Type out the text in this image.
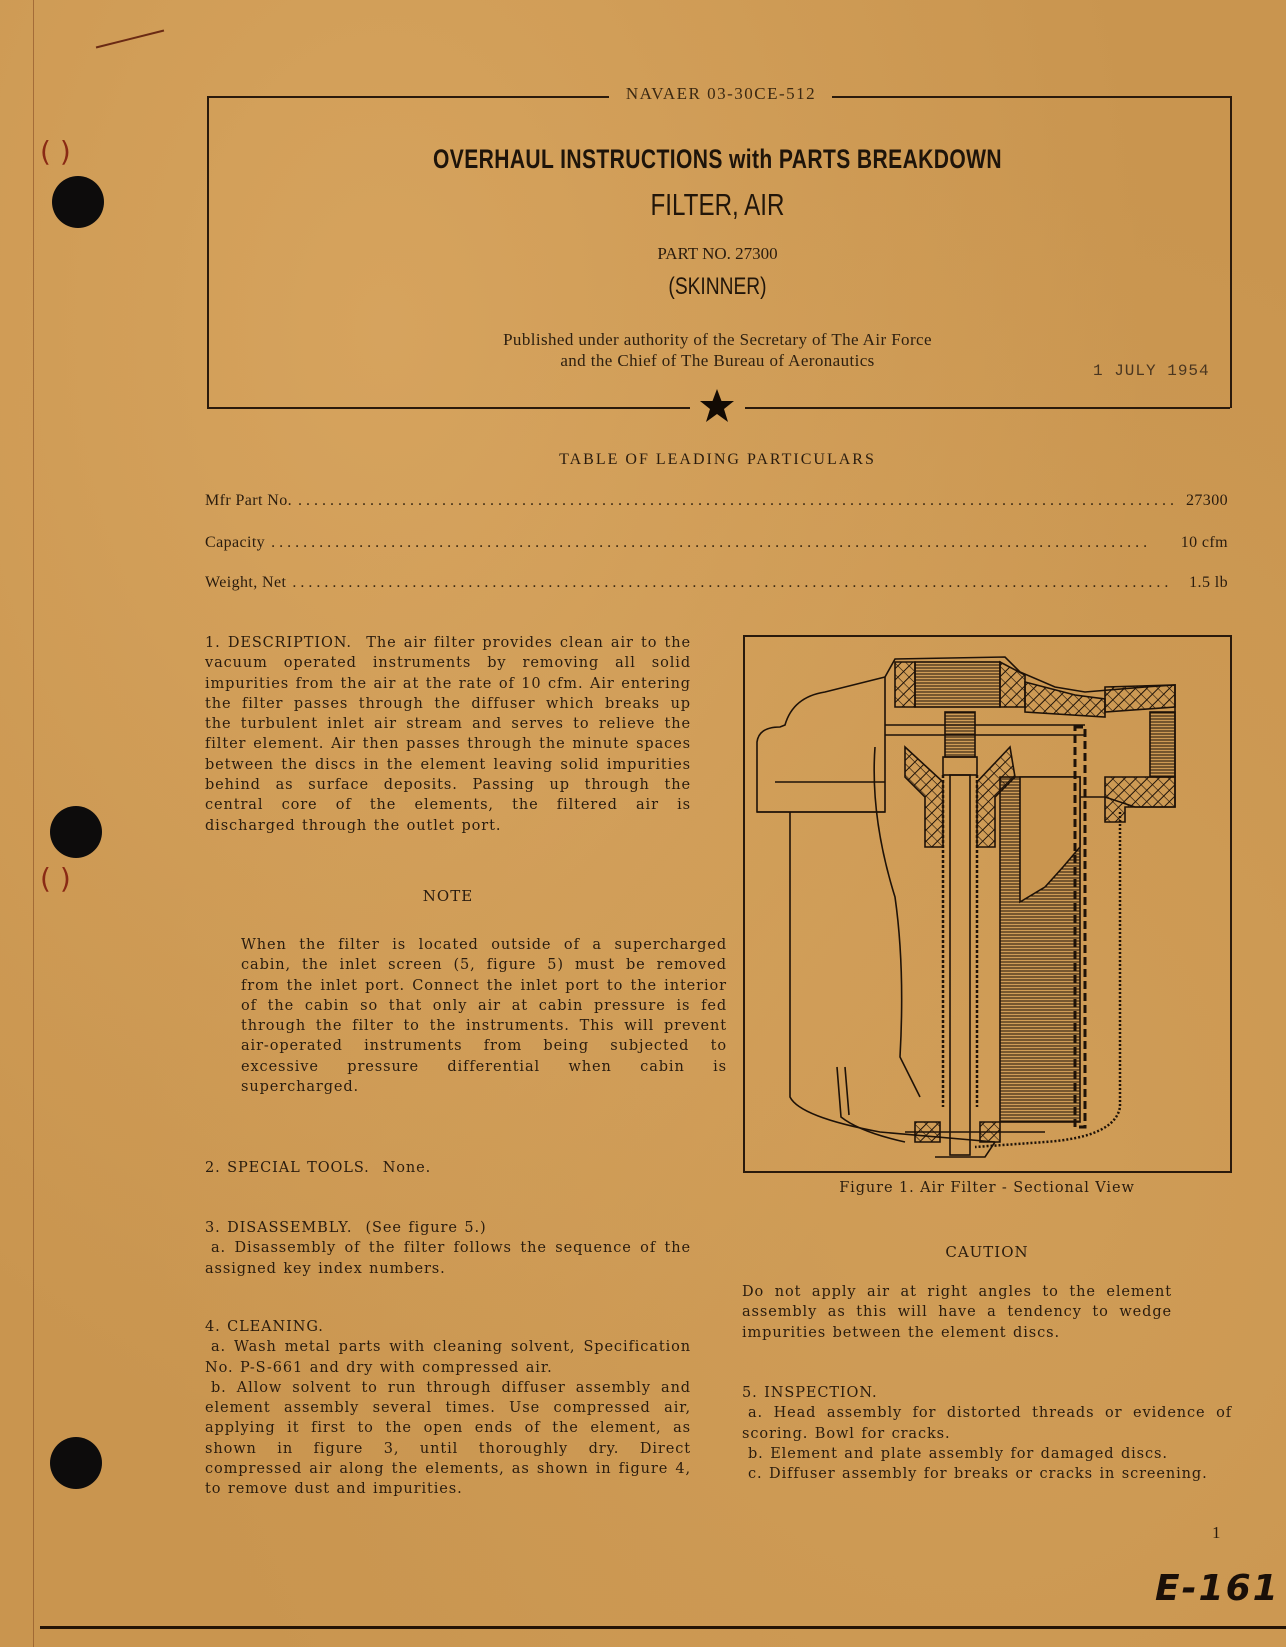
( )
( )
NAVAER 03-30CE-512
OVERHAUL INSTRUCTIONS with PARTS BREAKDOWN
FILTER, AIR
PART NO. 27300
(SKINNER)
Published under authority of the Secretary of The Air Force
and the Chief of The Bureau of Aeronautics
1 JULY 1954
TABLE OF LEADING PARTICULARS
Mfr Part No. . . .	27300
Capacity . . .	10 cfm
Weight, Net . . .	1.5 lb

1. DESCRIPTION. The air filter provides clean air to the vacuum operated instruments by removing all solid impurities from the air at the rate of 10 cfm. Air entering the filter passes through the diffuser which breaks up the turbulent inlet air stream and serves to relieve the filter element. Air then passes through the minute spaces between the discs in the element leaving solid impurities behind as surface deposits. Passing up through the central core of the elements, the filtered air is discharged through the outlet port.

NOTE
When the filter is located outside of a supercharged cabin, the inlet screen (5, figure 5) must be removed from the inlet port. Connect the inlet port to the interior of the cabin so that only air at cabin pressure is fed through the filter to the instruments. This will prevent air-operated instruments from being subjected to excessive pressure differential when cabin is supercharged.

2. SPECIAL TOOLS. None.

3. DISASSEMBLY. (See figure 5.)

a. Disassembly of the filter follows the sequence of the assigned key index numbers.

4. CLEANING.

a. Wash metal parts with cleaning solvent, Specification No. P-S-661 and dry with compressed air.

b. Allow solvent to run through diffuser assembly and element assembly several times. Use compressed air, applying it first to the open ends of the element, as shown in figure 3, until thoroughly dry. Direct compressed air along the elements, as shown in figure 4, to remove dust and impurities.

Figure 1. Air Filter - Sectional View
CAUTION
Do not apply air at right angles to the element assembly as this will have a tendency to wedge impurities between the element discs.

5. INSPECTION.

a. Head assembly for distorted threads or evidence of scoring. Bowl for cracks.

b. Element and plate assembly for damaged discs.

c. Diffuser assembly for breaks or cracks in screening.

1
E-161
